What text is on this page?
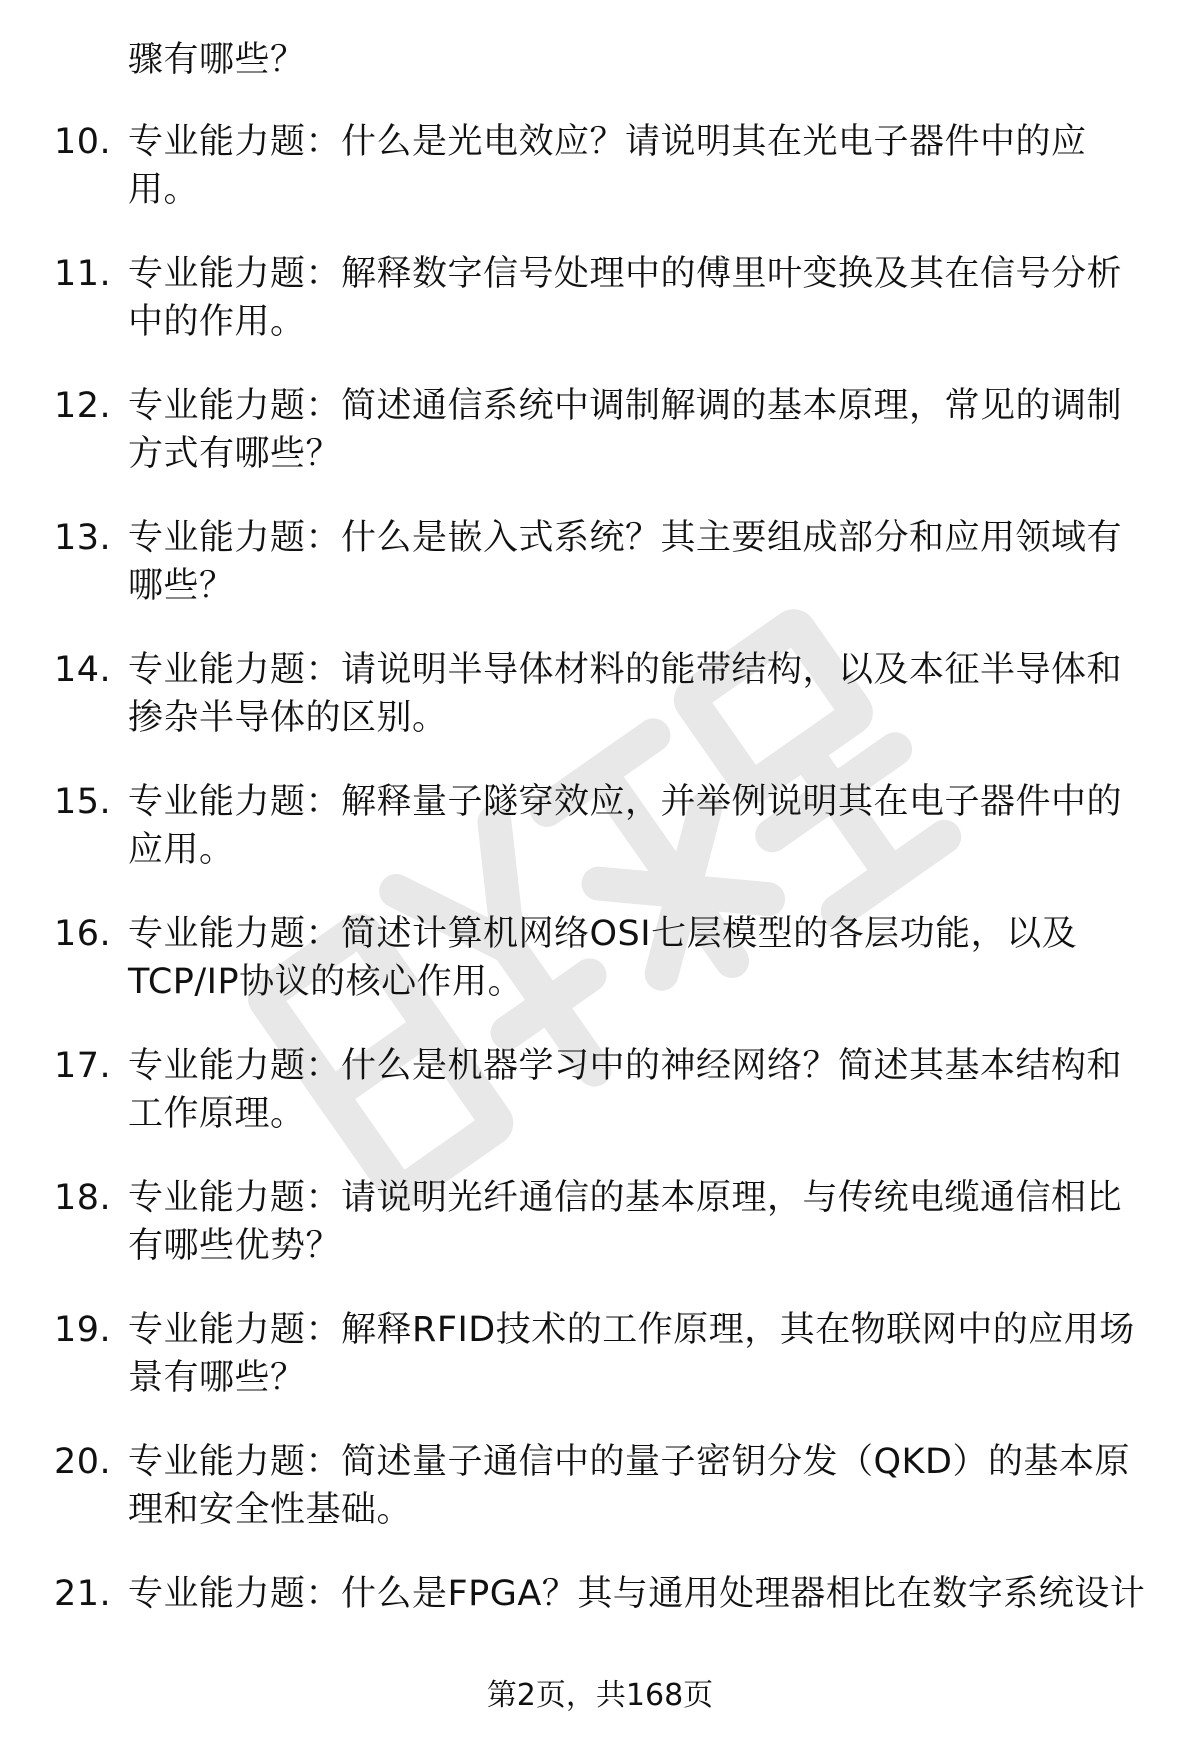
骤有哪些？
10. 专业能力题：什么是光电效应？请说明其在光电子器件中的应
用。
11. 专业能力题：解释数字信号处理中的傅里叶变换及其在信号分析
中的作用。
12. 专业能力题：简述通信系统中调制解调的基本原理，常见的调制
方式有哪些？
13. 专业能力题：什么是嵌入式系统？其主要组成部分和应用领域有
哪些？
14. 专业能力题：请说明半导体材料的能带结构，以及本征半导体和
掺杂半导体的区别。
15. 专业能力题：解释量子隧穿效应，并举例说明其在电子器件中的
应用。
16. 专业能力题：简述计算机网络OSI七层模型的各层功能，以及
TCP/IP协议的核心作用。
17. 专业能力题：什么是机器学习中的神经网络？简述其基本结构和
工作原理。
18. 专业能力题：请说明光纤通信的基本原理，与传统电缆通信相比
有哪些优势？
19. 专业能力题：解释RFID技术的工作原理，其在物联网中的应用场
景有哪些？
20. 专业能力题：简述量子通信中的量子密钥分发（QKD）的基本原
理和安全性基础。
21. 专业能力题：什么是FPGA？其与通用处理器相比在数字系统设计
第2页，共168页
